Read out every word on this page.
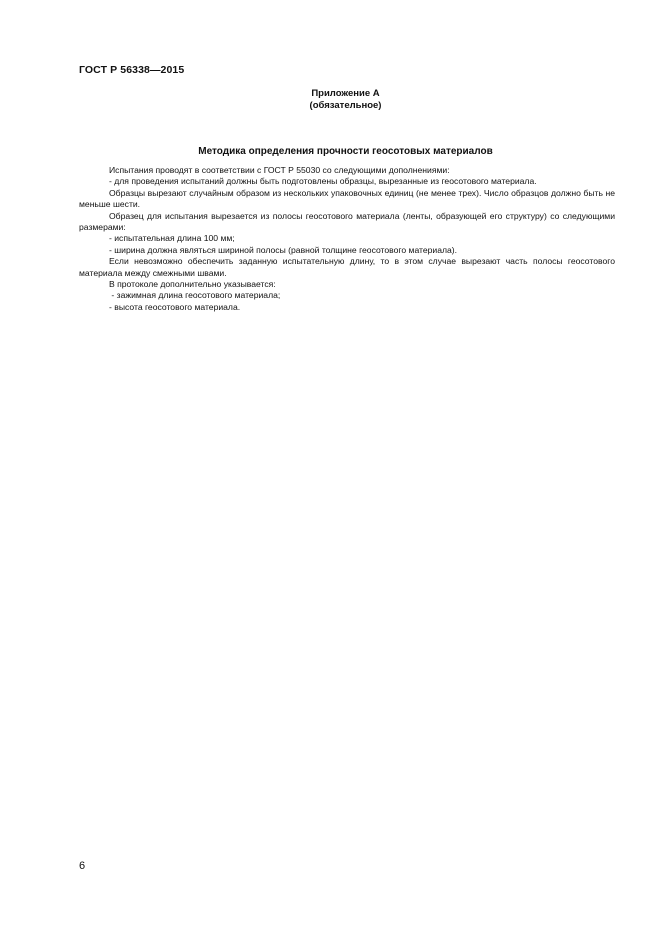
ГОСТ Р 56338—2015
Приложение А
(обязательное)
Методика определения прочности геосотовых материалов

Испытания проводят в соответствии с ГОСТ Р 55030 со следующими дополнениями:

- для проведения испытаний должны быть подготовлены образцы, вырезанные из геосотового материала.

Образцы вырезают случайным образом из нескольких упаковочных единиц (не менее трех). Число образцов должно быть не меньше шести.

Образец для испытания вырезается из полосы геосотового материала (ленты, образующей его структуру) со следующими размерами:

- испытательная длина 100 мм;

- ширина должна являться шириной полосы (равной толщине геосотового материала).

Если невозможно обеспечить заданную испытательную длину, то в этом случае вырезают часть полосы геосотового материала между смежными швами.

В протоколе дополнительно указывается:

- зажимная длина геосотового материала;

- высота геосотового материала.

6
